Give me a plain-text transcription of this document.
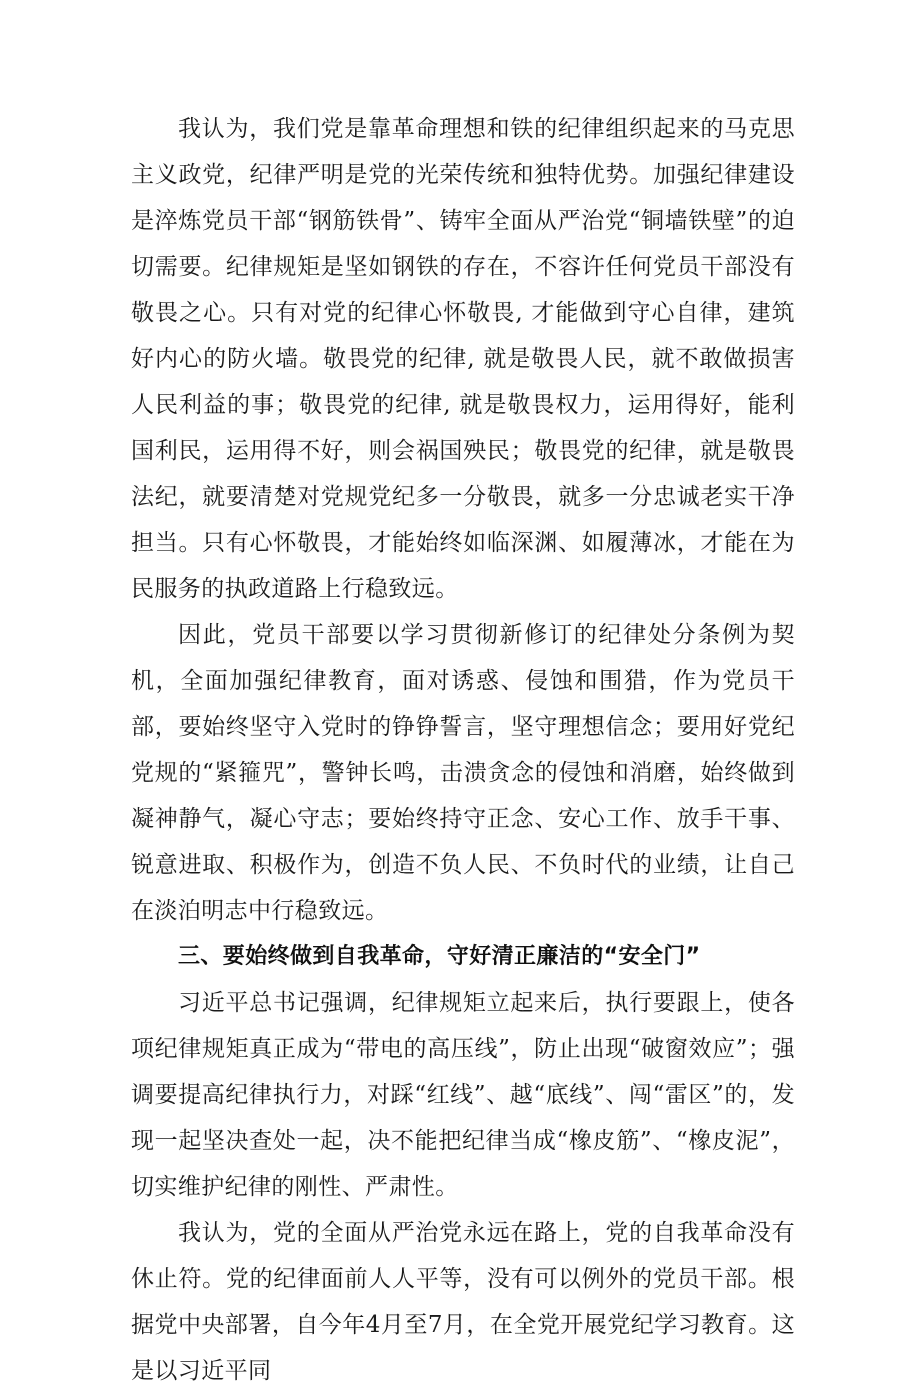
我认为，我们党是靠革命理想和铁的纪律组织起来的马克思主义政党，纪律严明是党的光荣传统和独特优势。加强纪律建设是淬炼党员干部“钢筋铁骨”、铸牢全面从严治党“铜墙铁壁”的迫切需要。纪律规矩是坚如钢铁的存在，不容许任何党员干部没有敬畏之心。只有对党的纪律心怀敬畏, 才能做到守心自律，建筑好内心的防火墙。敬畏党的纪律, 就是敬畏人民，就不敢做损害人民利益的事；敬畏党的纪律, 就是敬畏权力，运用得好，能利国利民，运用得不好，则会祸国殃民；敬畏党的纪律，就是敬畏法纪，就要清楚对党规党纪多一分敬畏，就多一分忠诚老实干净担当。只有心怀敬畏，才能始终如临深渊、如履薄冰，才能在为民服务的执政道路上行稳致远。

因此，党员干部要以学习贯彻新修订的纪律处分条例为契机，全面加强纪律教育，面对诱惑、侵蚀和围猎，作为党员干部，要始终坚守入党时的铮铮誓言，坚守理想信念；要用好党纪党规的“紧箍咒”，警钟长鸣，击溃贪念的侵蚀和消磨，始终做到凝神静气，凝心守志；要始终持守正念、安心工作、放手干事、锐意进取、积极作为，创造不负人民、不负时代的业绩，让自己在淡泊明志中行稳致远。

三、要始终做到自我革命，守好清正廉洁的“安全门”

习近平总书记强调，纪律规矩立起来后，执行要跟上，使各项纪律规矩真正成为“带电的高压线”，防止出现“破窗效应”；强调要提高纪律执行力，对踩“红线”、越“底线”、闯“雷区”的，发现一起坚决查处一起，决不能把纪律当成“橡皮筋”、“橡皮泥”，切实维护纪律的刚性、严肃性。

我认为，党的全面从严治党永远在路上，党的自我革命没有休止符。党的纪律面前人人平等，没有可以例外的党员干部。根据党中央部署，自今年4月至7月，在全党开展党纪学习教育。这是以习近平同
